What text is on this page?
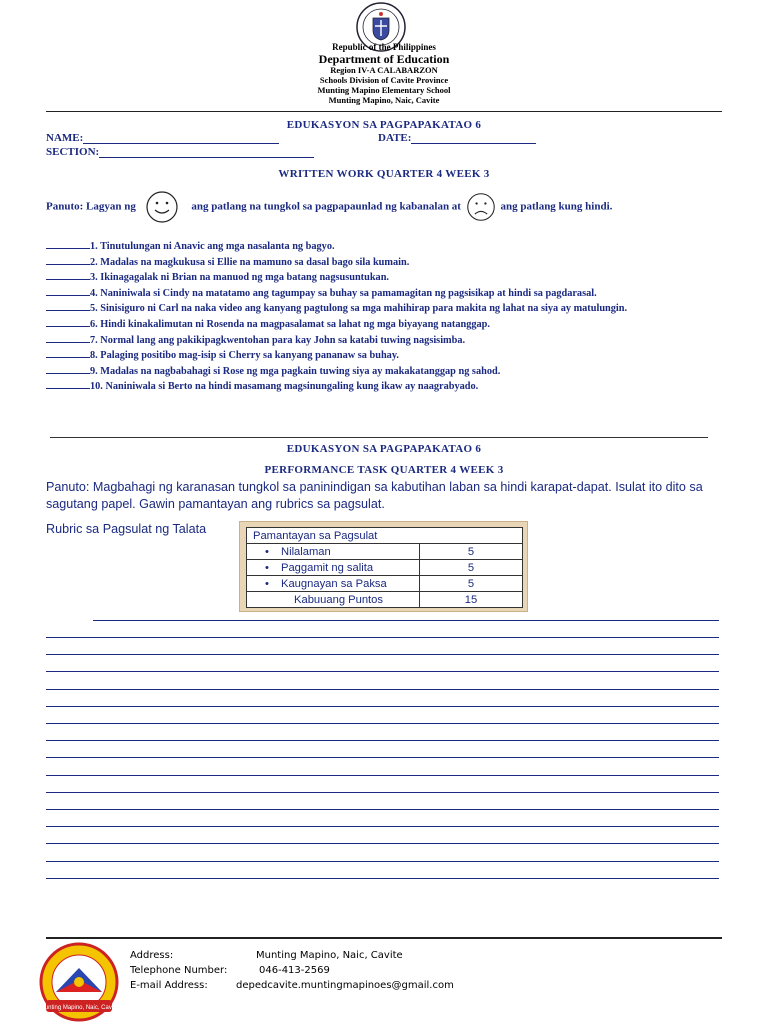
Republic of the Philippines
Department of Education
Region IV-A CALABARZON
Schools Division of Cavite Province
Munting Mapino Elementary School
Munting Mapino, Naic, Cavite
EDUKASYON SA PAGPAPAKATAO 6
NAME:	DATE:
SECTION:
WRITTEN WORK QUARTER 4 WEEK 3
Panuto: Lagyan ng	ang patlang na tungkol sa pagpapaunlad ng kabanalan at	ang patlang kung hindi.
1. Tinutulungan ni Anavic ang mga nasalanta ng bagyo.
2. Madalas na magkukusa si Ellie na mamuno sa dasal bago sila kumain.
3. Ikinagagalak ni Brian na manuod ng mga batang nagsusuntukan.
4. Naniniwala si Cindy na matatamo ang tagumpay sa buhay sa pamamagitan ng pagsisikap at hindi sa pagdarasal.
5. Sinisiguro ni Carl na naka video ang kanyang pagtulong sa mga mahihirap para makita ng lahat na siya ay matulungin.
6. Hindi kinakalimutan ni Rosenda na magpasalamat sa lahat ng mga biyayang natanggap.
7. Normal lang ang pakikipagkwentohan para kay John sa katabi tuwing nagsisimba.
8. Palaging positibo mag-isip si Cherry sa kanyang pananaw sa buhay.
9. Madalas na nagbabahagi si Rose ng mga pagkain tuwing siya ay makakatanggap ng sahod.
10. Naniniwala si Berto na hindi masamang magsinungaling kung ikaw ay naagrabyado.
EDUKASYON SA PAGPAPAKATAO 6
PERFORMANCE TASK QUARTER 4 WEEK 3
Panuto: Magbahagi ng karanasan tungkol sa paninindigan sa kabutihan laban sa hindi karapat-dapat. Isulat ito dito sa sagutang papel. Gawin pamantayan ang rubrics sa pagsulat.
Rubric sa Pagsulat ng Talata	Pamantayan sa Pagsulat	
• Nilalaman	5
• Paggamit ng salita	5
• Kaugnayan sa Paksa	5
Kabuuang Puntos	15
Munting Mapino, Naic, Cavite
Address:	Munting Mapino, Naic, Cavite
Telephone Number:	046-413-2569
E-mail Address:	depedcavite.muntingmapinoes@gmail.com
